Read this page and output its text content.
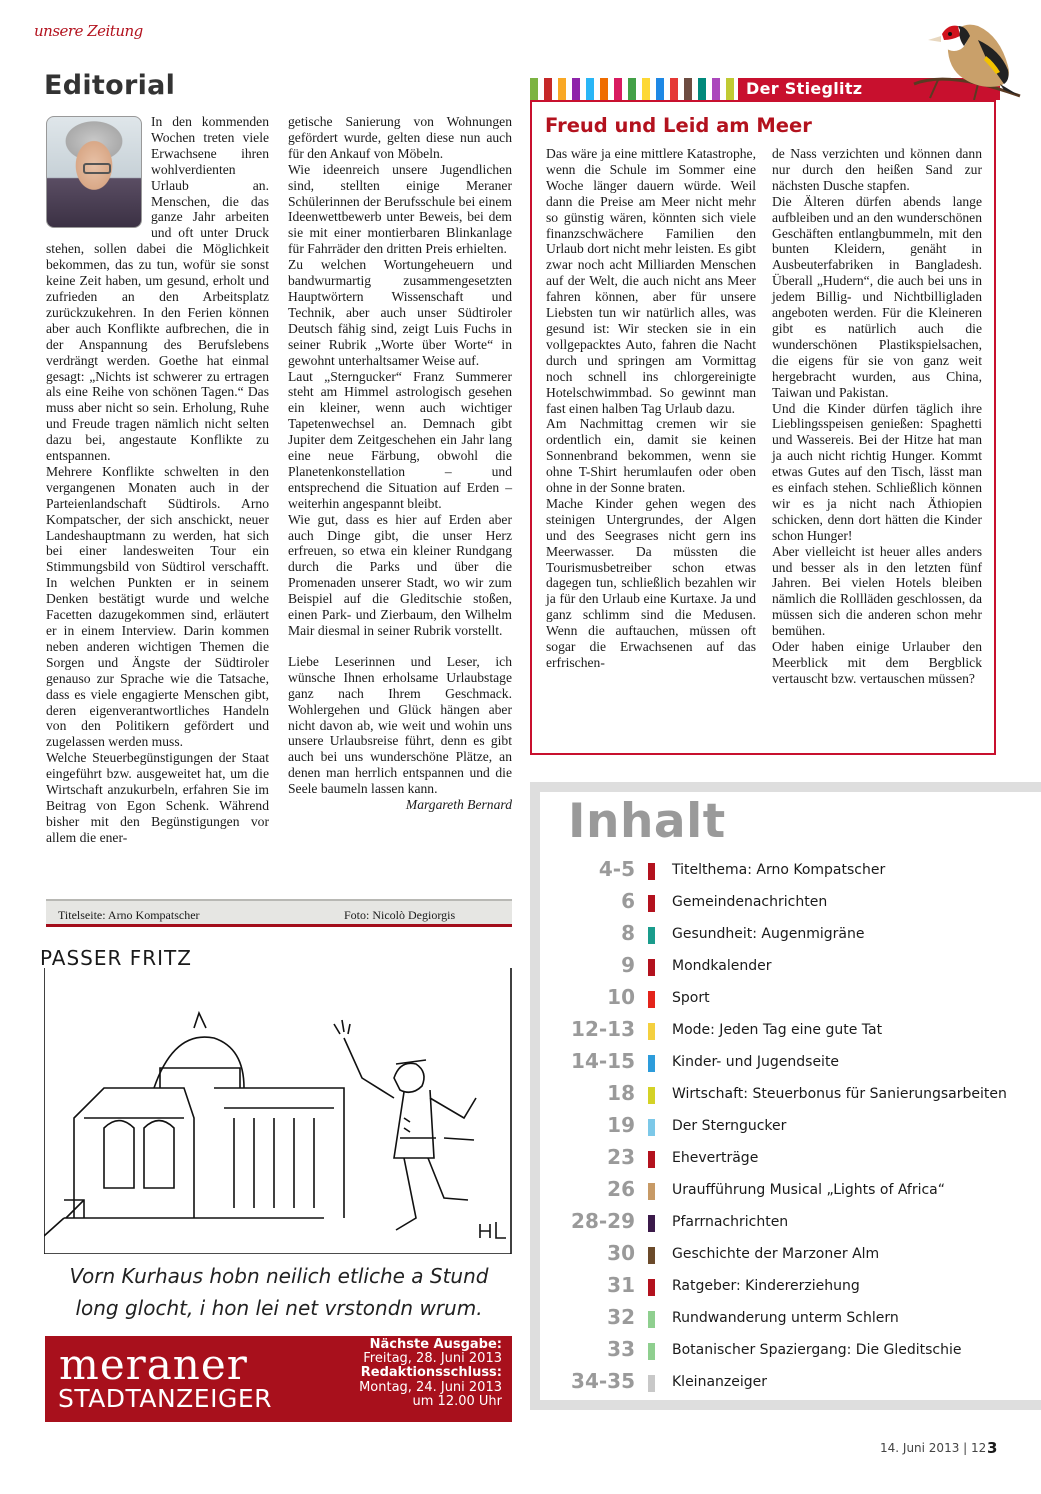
unsere Zeitung
Editorial

In den kommenden Wochen treten viele Erwachsene ihren wohlverdienten Urlaub an. Menschen, die das ganze Jahr arbeiten und oft unter Druck stehen, sollen dabei die Möglichkeit bekommen, das zu tun, wofür sie sonst keine Zeit haben, um gesund, erholt und zufrieden an den Arbeitsplatz zurückzukehren. In den Ferien können aber auch Konflikte aufbrechen, die in der Anspannung des Berufslebens verdrängt werden. Goethe hat einmal gesagt: „Nichts ist schwerer zu ertragen als eine Reihe von schönen Tagen.“ Das muss aber nicht so sein. Erholung, Ruhe und Freude tragen nämlich nicht selten dazu bei, angestaute Konflikte zu entspannen.

Mehrere Konflikte schwelten in den vergangenen Monaten auch in der Parteienlandschaft Südtirols. Arno Kompatscher, der sich anschickt, neuer Landeshauptmann zu werden, hat sich bei einer landesweiten Tour ein Stimmungsbild von Südtirol verschafft. In welchen Punkten er in seinem Denken bestätigt wurde und welche Facetten dazugekommen sind, erläutert er in einem Interview. Darin kommen neben anderen wichtigen Themen die Sorgen und Ängste der Südtiroler genauso zur Sprache wie die Tatsache, dass es viele engagierte Menschen gibt, deren eigenverantwortliches Handeln von den Politikern gefördert und zugelassen werden muss.

Welche Steuerbegünstigungen der Staat eingeführt bzw. ausgeweitet hat, um die Wirtschaft anzukurbeln, erfahren Sie im Beitrag von Egon Schenk. Während bisher mit den Begünstigungen vor allem die ener-

getische Sanierung von Wohnungen gefördert wurde, gelten diese nun auch für den Ankauf von Möbeln.

Wie ideenreich unsere Jugendlichen sind, stellten einige Meraner Schülerinnen der Berufsschule bei einem Ideenwettbewerb unter Beweis, bei dem sie mit einer montierbaren Blinkanlage für Fahrräder den dritten Preis erhielten.

Zu welchen Wortungeheuern und bandwurmartig zusammengesetzten Hauptwörtern Wissenschaft und Technik, aber auch unser Südtiroler Deutsch fähig sind, zeigt Luis Fuchs in seiner Rubrik „Worte über Worte“ in gewohnt unterhaltsamer Weise auf.

Laut „Sterngucker“ Franz Summerer steht am Himmel astrologisch gesehen ein kleiner, wenn auch wichtiger Tapetenwechsel an. Demnach gibt Jupiter dem Zeitgeschehen ein Jahr lang eine neue Färbung, obwohl die Planetenkonstellation – und entsprechend die Situation auf Erden – weiterhin angespannt bleibt.

Wie gut, dass es hier auf Erden aber auch Dinge gibt, die unser Herz erfreuen, so etwa ein kleiner Rundgang durch die Parks und über die Promenaden unserer Stadt, wo wir zum Beispiel auf die Gleditschie stoßen, einen Park- und Zierbaum, den Wilhelm Mair diesmal in seiner Rubrik vorstellt.

Liebe Leserinnen und Leser, ich wünsche Ihnen erholsame Urlaubstage ganz nach Ihrem Geschmack. Wohlergehen und Glück hängen aber nicht davon ab, wie weit und wohin uns unsere Urlaubsreise führt, denn es gibt auch bei uns wunderschöne Plätze, an denen man herrlich entspannen und die Seele baumeln lassen kann.

Margareth Bernard

Titelseite: Arno Kompatscher	Foto: Nicolò Degiorgis
Der Stieglitz
Freud und Leid am Meer

Das wäre ja eine mittlere Katastrophe, wenn die Schule im Sommer eine Woche länger dauern würde. Weil dann die Preise am Meer nicht mehr so günstig wären, könnten sich viele finanzschwächere Familien den Urlaub dort nicht mehr leisten. Es gibt zwar noch acht Milliarden Menschen auf der Welt, die auch nicht ans Meer fahren können, aber für unsere Liebsten tun wir natürlich alles, was gesund ist: Wir stecken sie in ein vollgepacktes Auto, fahren die Nacht durch und springen am Vormittag noch schnell ins chlorgereinigte Hotelschwimmbad. So gewinnt man fast einen halben Tag Urlaub dazu.

Am Nachmittag cremen wir sie ordentlich ein, damit sie keinen Sonnenbrand bekommen, wenn sie ohne T-Shirt herumlaufen oder oben ohne in der Sonne braten.

Mache Kinder gehen wegen des steinigen Untergrundes, der Algen und des Seegrases nicht gern ins Meerwasser. Da müssten die Tourismusbetreiber schon etwas dagegen tun, schließlich bezahlen wir ja für den Urlaub eine Kurtaxe. Ja und ganz schlimm sind die Medusen. Wenn die auftauchen, müssen oft sogar die Erwachsenen auf das erfrischen-

de Nass verzichten und können dann nur durch den heißen Sand zur nächsten Dusche stapfen.

Die Älteren dürfen abends lange aufbleiben und an den wunderschönen Geschäften entlangbummeln, mit den bunten Kleidern, genäht in Ausbeuterfabriken in Bangladesh. Überall „Hudern“, die auch bei uns in jedem Billig- und Nichtbilligladen angeboten werden. Für die Kleineren gibt es natürlich auch die wunderschönen Plastikspielsachen, die eigens für sie von ganz weit hergebracht wurden, aus China, Taiwan und Pakistan.

Und die Kinder dürfen täglich ihre Lieblingsspeisen genießen: Spaghetti und Wassereis. Bei der Hitze hat man ja auch nicht richtig Hunger. Kommt etwas Gutes auf den Tisch, lässt man es einfach stehen. Schließlich können wir es ja nicht nach Äthiopien schicken, denn dort hätten die Kinder schon Hunger!

Aber vielleicht ist heuer alles anders und besser als in den letzten fünf Jahren. Bei vielen Hotels bleiben nämlich die Rollläden geschlossen, da müssen sich die anderen schon mehr bemühen.

Oder haben einige Urlauber den Meerblick mit dem Bergblick vertauscht bzw. vertauschen müssen?

Inhalt
4-5	Titelthema: Arno Kompatscher
6	Gemeindenachrichten
8	Gesundheit: Augenmigräne
9	Mondkalender
10	Sport
12-13	Mode: Jeden Tag eine gute Tat
14-15	Kinder- und Jugendseite
18	Wirtschaft: Steuerbonus für Sanierungsarbeiten
19	Der Sterngucker
23	Eheverträge
26	Uraufführung Musical „Lights of Africa“
28-29	Pfarrnachrichten
30	Geschichte der Marzoner Alm
31	Ratgeber: Kindererziehung
32	Rundwanderung unterm Schlern
33	Botanischer Spaziergang: Die Gleditschie
34-35	Kleinanzeiger
PASSER FRITZ
Vorn Kurhaus hobn neilich etliche a Stund
long glocht, i hon lei net vrstondn wrum.
meraner
STADTANZEIGER
Nächste Ausgabe:
Freitag, 28. Juni 2013
Redaktionsschluss:
Montag, 24. Juni 2013
um 12.00 Uhr
14. Juni 2013 | 12 3
